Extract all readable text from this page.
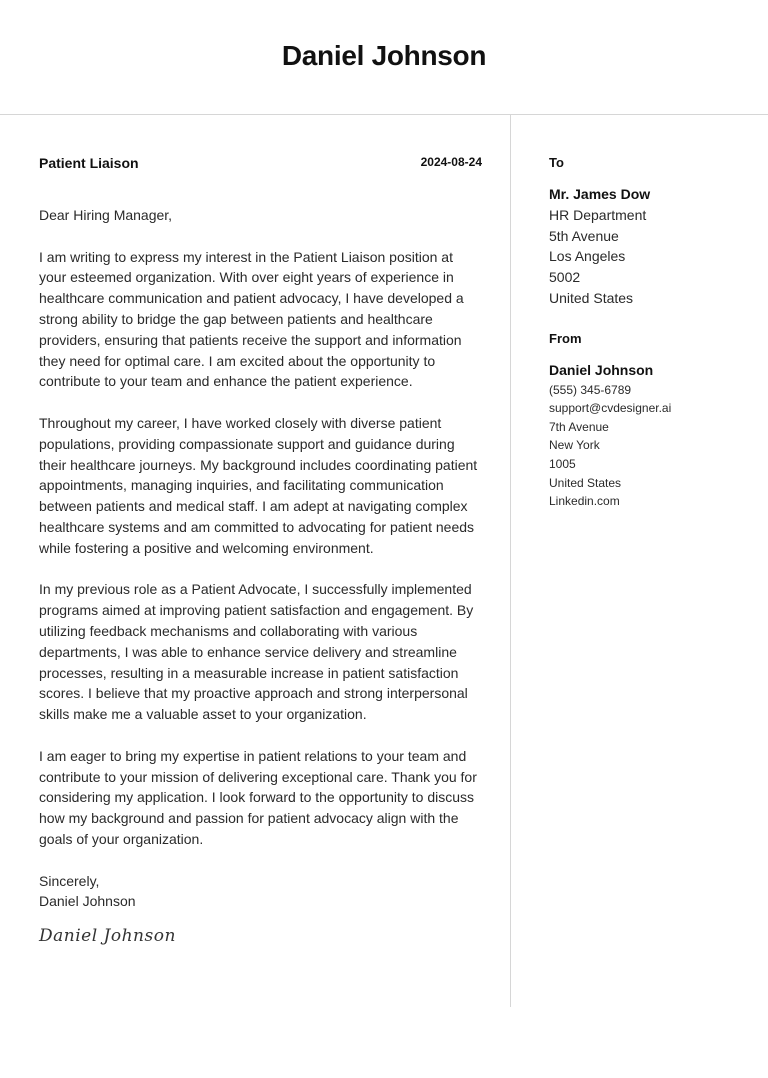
Daniel Johnson
Patient Liaison	2024-08-24

Dear Hiring Manager,

I am writing to express my interest in the Patient Liaison position at your esteemed organization. With over eight years of experience in healthcare communication and patient advocacy, I have developed a strong ability to bridge the gap between patients and healthcare providers, ensuring that patients receive the support and information they need for optimal care. I am excited about the opportunity to contribute to your team and enhance the patient experience.

Throughout my career, I have worked closely with diverse patient populations, providing compassionate support and guidance during their healthcare journeys. My background includes coordinating patient appointments, managing inquiries, and facilitating communication between patients and medical staff. I am adept at navigating complex healthcare systems and am committed to advocating for patient needs while fostering a positive and welcoming environment.

In my previous role as a Patient Advocate, I successfully implemented programs aimed at improving patient satisfaction and engagement. By utilizing feedback mechanisms and collaborating with various departments, I was able to enhance service delivery and streamline processes, resulting in a measurable increase in patient satisfaction scores. I believe that my proactive approach and strong interpersonal skills make me a valuable asset to your organization.

I am eager to bring my expertise in patient relations to your team and contribute to your mission of delivering exceptional care. Thank you for considering my application. I look forward to the opportunity to discuss how my background and passion for patient advocacy align with the goals of your organization.

Sincerely,
Daniel Johnson
Daniel Johnson
To
Mr. James Dow
HR Department
5th Avenue
Los Angeles
5002
United States
From
Daniel Johnson
(555) 345-6789
support@cvdesigner.ai
7th Avenue
New York
1005
United States
Linkedin.com
